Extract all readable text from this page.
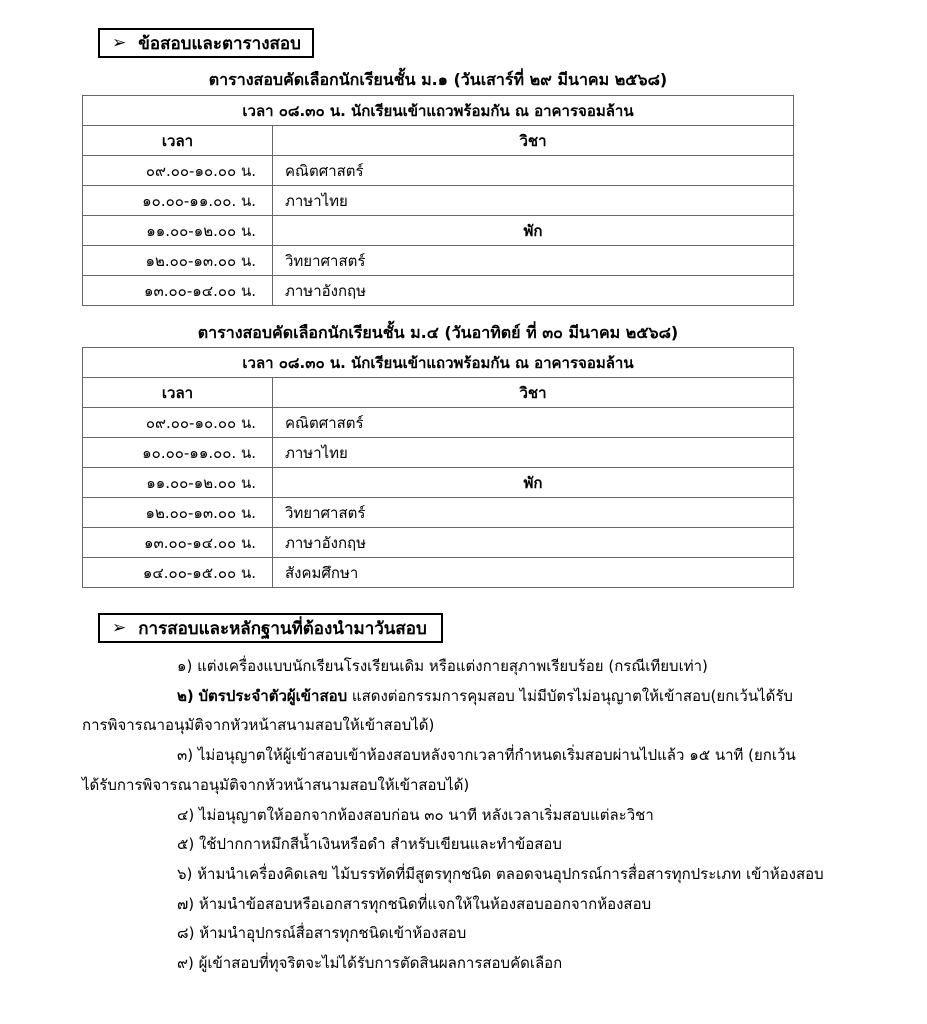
➢ ข้อสอบและตารางสอบ
ตารางสอบคัดเลือกนักเรียนชั้น ม.๑ (วันเสาร์ที่ ๒๙ มีนาคม ๒๕๖๘)
เวลา ๐๘.๓๐ น. นักเรียนเข้าแถวพร้อมกัน ณ อาคารจอมล้าน	
เวลา	วิชา
๐๙.๐๐-๑๐.๐๐ น.	คณิตศาสตร์
๑๐.๐๐-๑๑.๐๐. น.	ภาษาไทย
๑๑.๐๐-๑๒.๐๐ น.	พัก
๑๒.๐๐-๑๓.๐๐ น.	วิทยาศาสตร์
๑๓.๐๐-๑๔.๐๐ น.	ภาษาอังกฤษ
ตารางสอบคัดเลือกนักเรียนชั้น ม.๔ (วันอาทิตย์ ที่ ๓๐ มีนาคม ๒๕๖๘)
เวลา ๐๘.๓๐ น. นักเรียนเข้าแถวพร้อมกัน ณ อาคารจอมล้าน	
เวลา	วิชา
๐๙.๐๐-๑๐.๐๐ น.	คณิตศาสตร์
๑๐.๐๐-๑๑.๐๐. น.	ภาษาไทย
๑๑.๐๐-๑๒.๐๐ น.	พัก
๑๒.๐๐-๑๓.๐๐ น.	วิทยาศาสตร์
๑๓.๐๐-๑๔.๐๐ น.	ภาษาอังกฤษ
๑๔.๐๐-๑๕.๐๐ น.	สังคมศึกษา
➢ การสอบและหลักฐานที่ต้องนำมาวันสอบ
๑) แต่งเครื่องแบบนักเรียนโรงเรียนเดิม หรือแต่งกายสุภาพเรียบร้อย (กรณีเทียบเท่า)
๒) บัตรประจำตัวผู้เข้าสอบ แสดงต่อกรรมการคุมสอบ ไม่มีบัตรไม่อนุญาตให้เข้าสอบ(ยกเว้นได้รับ
การพิจารณาอนุมัติจากหัวหน้าสนามสอบให้เข้าสอบได้)
๓) ไม่อนุญาตให้ผู้เข้าสอบเข้าห้องสอบหลังจากเวลาที่กำหนดเริ่มสอบผ่านไปแล้ว ๑๕ นาที (ยกเว้น
ได้รับการพิจารณาอนุมัติจากหัวหน้าสนามสอบให้เข้าสอบได้)
๔) ไม่อนุญาตให้ออกจากห้องสอบก่อน ๓๐ นาที หลังเวลาเริ่มสอบแต่ละวิชา
๕) ใช้ปากกาหมึกสีน้ำเงินหรือดำ สำหรับเขียนและทำข้อสอบ
๖) ห้ามนำเครื่องคิดเลข ไม้บรรทัดที่มีสูตรทุกชนิด ตลอดจนอุปกรณ์การสื่อสารทุกประเภท เข้าห้องสอบ
๗) ห้ามนำข้อสอบหรือเอกสารทุกชนิดที่แจกให้ในห้องสอบออกจากห้องสอบ
๘) ห้ามนำอุปกรณ์สื่อสารทุกชนิดเข้าห้องสอบ
๙) ผู้เข้าสอบที่ทุจริตจะไม่ได้รับการตัดสินผลการสอบคัดเลือก
